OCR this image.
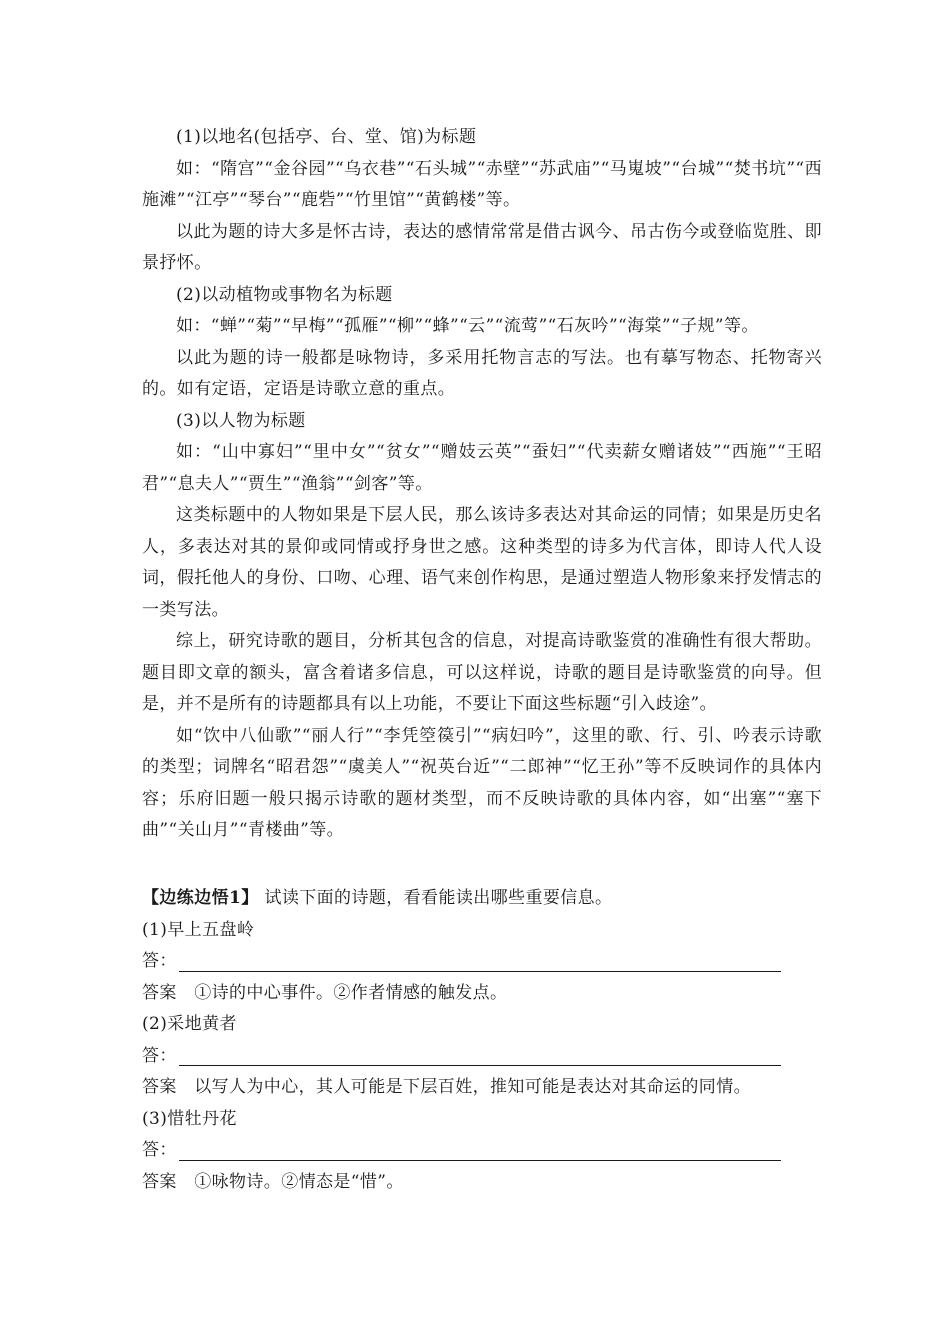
(1)以地名(包括亭、台、堂、馆)为标题

如：“隋宫”“金谷园”“乌衣巷”“石头城”“赤壁”“苏武庙”“马嵬坡”“台城”“焚书坑”“西施滩”“江亭”“琴台”“鹿砦”“竹里馆”“黄鹤楼”等。

以此为题的诗大多是怀古诗，表达的感情常常是借古讽今、吊古伤今或登临览胜、即景抒怀。

(2)以动植物或事物名为标题

如：“蝉”“菊”“早梅”“孤雁”“柳”“蜂”“云”“流莺”“石灰吟”“海棠”“子规”等。

以此为题的诗一般都是咏物诗，多采用托物言志的写法。也有摹写物态、托物寄兴的。如有定语，定语是诗歌立意的重点。

(3)以人物为标题

如：“山中寡妇”“里中女”“贫女”“赠妓云英”“蚕妇”“代卖薪女赠诸妓”“西施”“王昭君”“息夫人”“贾生”“渔翁”“剑客”等。

这类标题中的人物如果是下层人民，那么该诗多表达对其命运的同情；如果是历史名人，多表达对其的景仰或同情或抒身世之感。这种类型的诗多为代言体，即诗人代人设词，假托他人的身份、口吻、心理、语气来创作构思，是通过塑造人物形象来抒发情志的一类写法。

综上，研究诗歌的题目，分析其包含的信息，对提高诗歌鉴赏的准确性有很大帮助。题目即文章的额头，富含着诸多信息，可以这样说，诗歌的题目是诗歌鉴赏的向导。但是，并不是所有的诗题都具有以上功能，不要让下面这些标题“引入歧途”。

如“饮中八仙歌”“丽人行”“李凭箜篌引”“病妇吟”，这里的歌、行、引、吟表示诗歌的类型；词牌名“昭君怨”“虞美人”“祝英台近”“二郎神”“忆王孙”等不反映词作的具体内容；乐府旧题一般只揭示诗歌的题材类型，而不反映诗歌的具体内容，如“出塞”“塞下曲”“关山月”“青楼曲”等。

【边练边悟1】 试读下面的诗题，看看能读出哪些重要信息。

(1)早上五盘岭

答：

答案　①诗的中心事件。②作者情感的触发点。

(2)采地黄者

答：

答案　以写人为中心，其人可能是下层百姓，推知可能是表达对其命运的同情。

(3)惜牡丹花

答：

答案　①咏物诗。②情态是“惜”。
